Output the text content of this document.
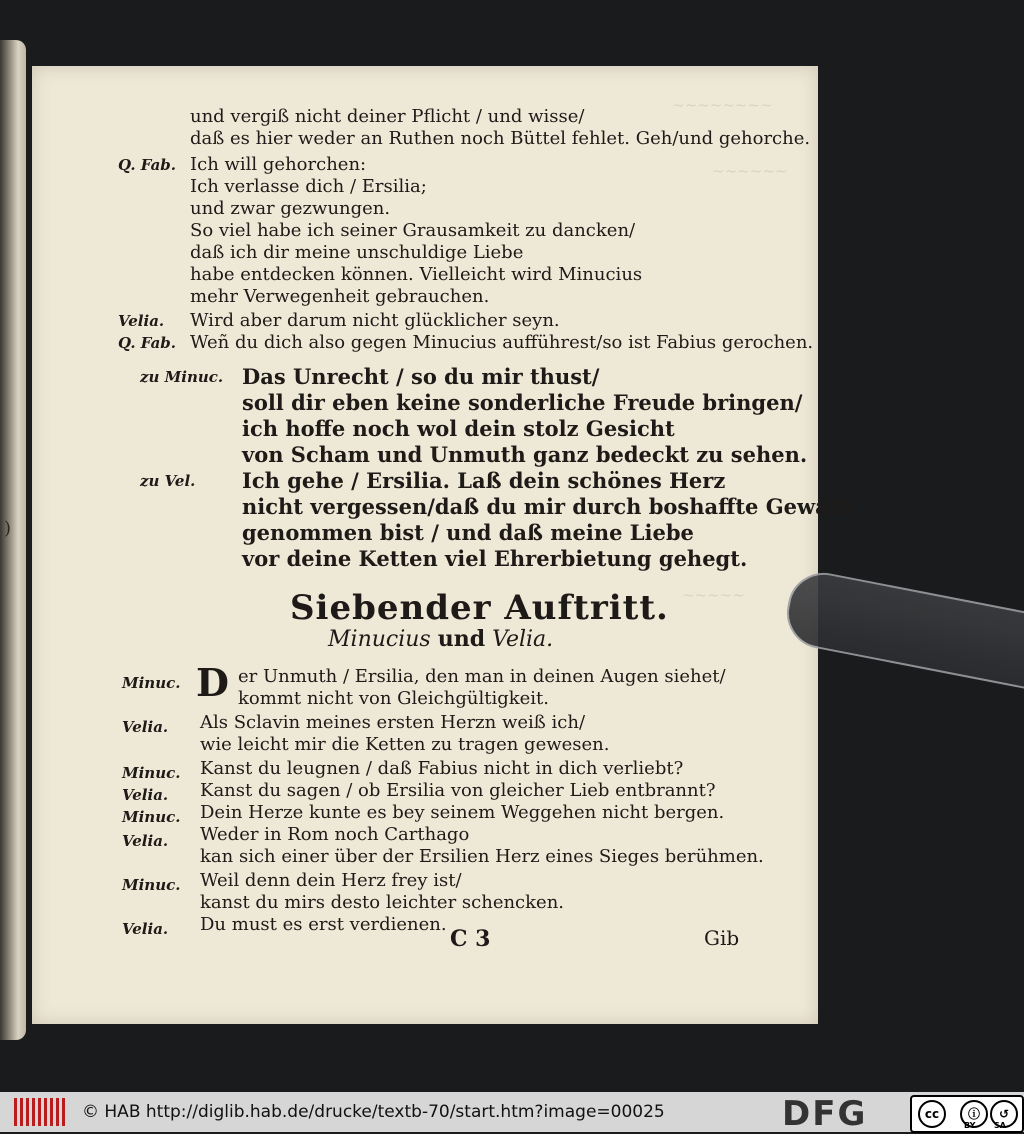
)
~~~~~~~~
~~~~~~
~~~~~
und vergiß nicht deiner Pflicht / und wisse/
daß es hier weder an Ruthen noch Büttel fehlet. Geh/und gehorche.
Q. Fab. Ich will gehorchen:
Ich verlasse dich / Ersilia;
und zwar gezwungen.
So viel habe ich seiner Grausamkeit zu dancken/
daß ich dir meine unschuldige Liebe
habe entdecken können. Vielleicht wird Minucius
mehr Verwegenheit gebrauchen.
Velia. Wird aber darum nicht glücklicher seyn.
Q. Fab. Weñ du dich also gegen Minucius aufführest/so ist Fabius gerochen.
zu Minuc. Das Unrecht / so du mir thust/
soll dir eben keine sonderliche Freude bringen/
ich hoffe noch wol dein stolz Gesicht
von Scham und Unmuth ganz bedeckt zu sehen.
zu Vel. Ich gehe / Ersilia. Laß dein schönes Herz
nicht vergessen/daß du mir durch boshaffte Gewalt/
genommen bist / und daß meine Liebe
vor deine Ketten viel Ehrerbietung gehegt.
Siebender Auftritt.
Minucius und Velia.
D
Minuc.	er Unmuth / Ersilia, den man in deinen Augen siehet/
kommt nicht von Gleichgültigkeit.
Velia. Als Sclavin meines ersten Herzn weiß ich/
wie leicht mir die Ketten zu tragen gewesen.
Minuc. Kanst du leugnen / daß Fabius nicht in dich verliebt?
Velia. Kanst du sagen / ob Ersilia von gleicher Lieb entbrannt?
Minuc. Dein Herze kunte es bey seinem Weggehen nicht bergen.
Velia. Weder in Rom noch Carthago
kan sich einer über der Ersilien Herz eines Sieges berühmen.
Minuc. Weil denn dein Herz frey ist/
kanst du mirs desto leichter schencken.
Velia. Du must es erst verdienen.
C 3	Gib
© HAB http://diglib.hab.de/drucke/textb-70/start.htm?image=00025	DFG	cc	ⓘ	↺
BY SA
